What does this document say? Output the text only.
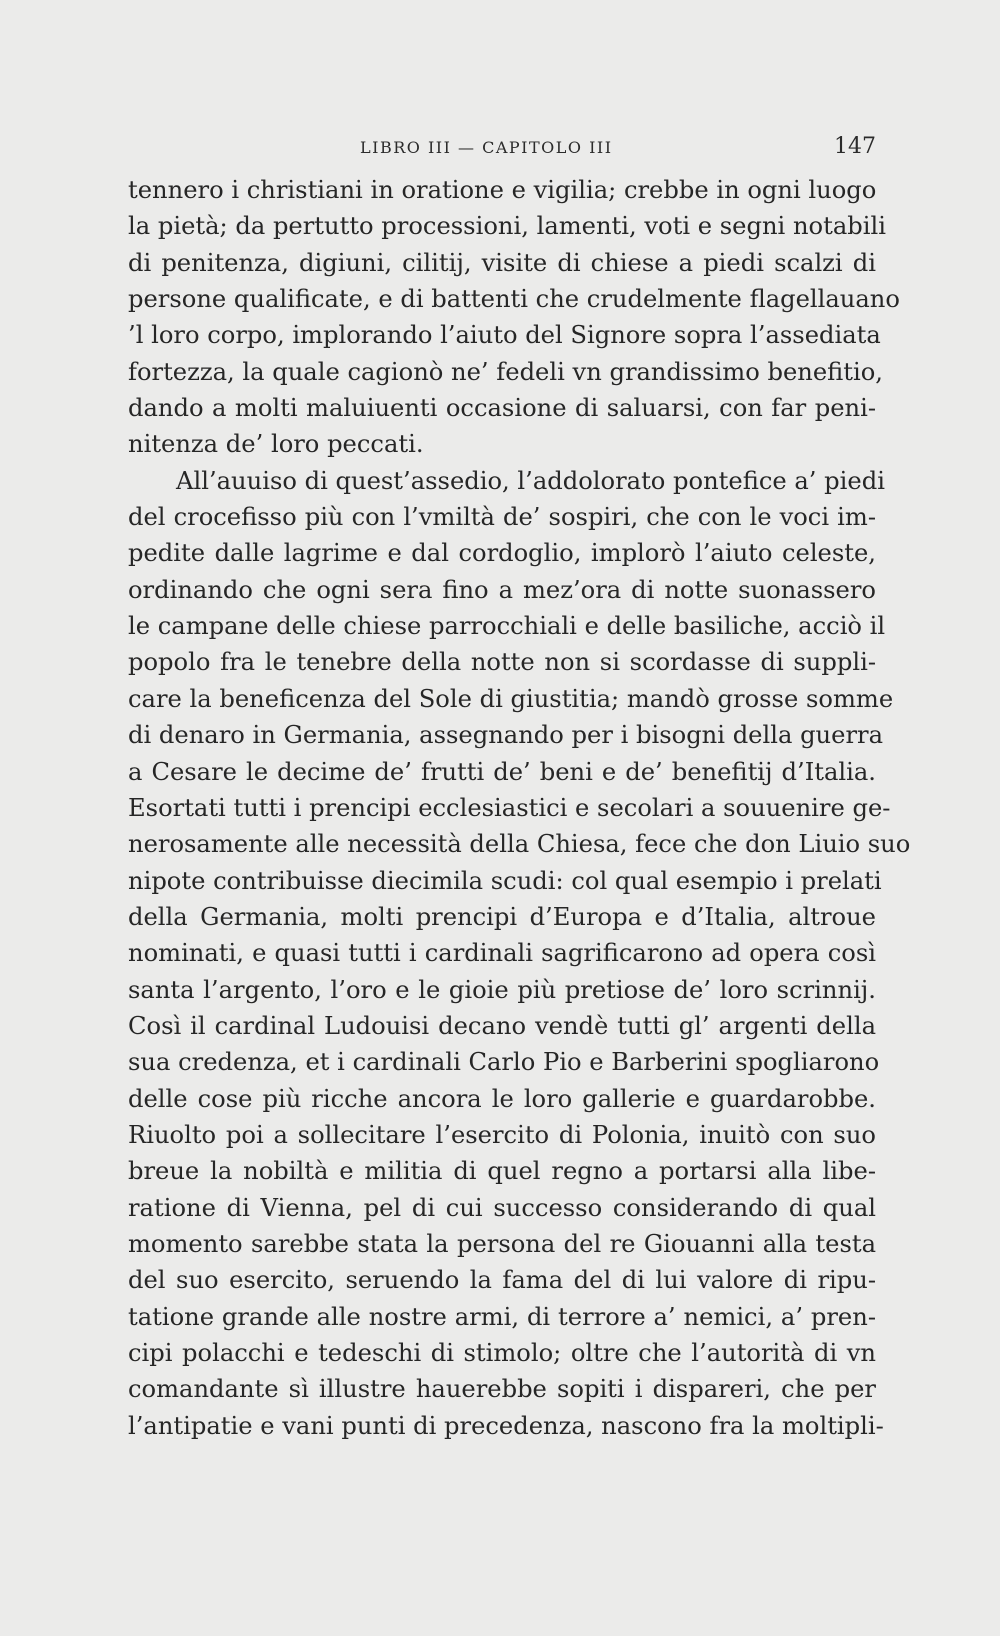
LIBRO III — CAPITOLO III	147
tennero i christiani in oratione e vigilia; crebbe in ogni luogo
la pietà; da pertutto processioni, lamenti, voti e segni notabili
di penitenza, digiuni, cilitij, visite di chiese a piedi scalzi di
persone qualificate, e di battenti che crudelmente flagellauano
’l loro corpo, implorando l’aiuto del Signore sopra l’assediata
fortezza, la quale cagionò ne’ fedeli vn grandissimo benefitio,
dando a molti maluiuenti occasione di saluarsi, con far peni-
nitenza de’ loro peccati.
All’auuiso di quest’assedio, l’addolorato pontefice a’ piedi
del crocefisso più con l’vmiltà de’ sospiri, che con le voci im-
pedite dalle lagrime e dal cordoglio, implorò l’aiuto celeste,
ordinando che ogni sera fino a mez’ora di notte suonassero
le campane delle chiese parrocchiali e delle basiliche, acciò il
popolo fra le tenebre della notte non si scordasse di suppli-
care la beneficenza del Sole di giustitia; mandò grosse somme
di denaro in Germania, assegnando per i bisogni della guerra
a Cesare le decime de’ frutti de’ beni e de’ benefitij d’Italia.
Esortati tutti i prencipi ecclesiastici e secolari a souuenire ge-
nerosamente alle necessità della Chiesa, fece che don Liuio suo
nipote contribuisse diecimila scudi: col qual esempio i prelati
della Germania, molti prencipi d’Europa e d’Italia, altroue
nominati, e quasi tutti i cardinali sagrificarono ad opera così
santa l’argento, l’oro e le gioie più pretiose de’ loro scrinnij.
Così il cardinal Ludouisi decano vendè tutti gl’ argenti della
sua credenza, et i cardinali Carlo Pio e Barberini spogliarono
delle cose più ricche ancora le loro gallerie e guardarobbe.
Riuolto poi a sollecitare l’esercito di Polonia, inuitò con suo
breue la nobiltà e militia di quel regno a portarsi alla libe-
ratione di Vienna, pel di cui successo considerando di qual
momento sarebbe stata la persona del re Giouanni alla testa
del suo esercito, seruendo la fama del di lui valore di ripu-
tatione grande alle nostre armi, di terrore a’ nemici, a’ pren-
cipi polacchi e tedeschi di stimolo; oltre che l’autorità di vn
comandante sì illustre hauerebbe sopiti i dispareri, che per
l’antipatie e vani punti di precedenza, nascono fra la moltipli-
